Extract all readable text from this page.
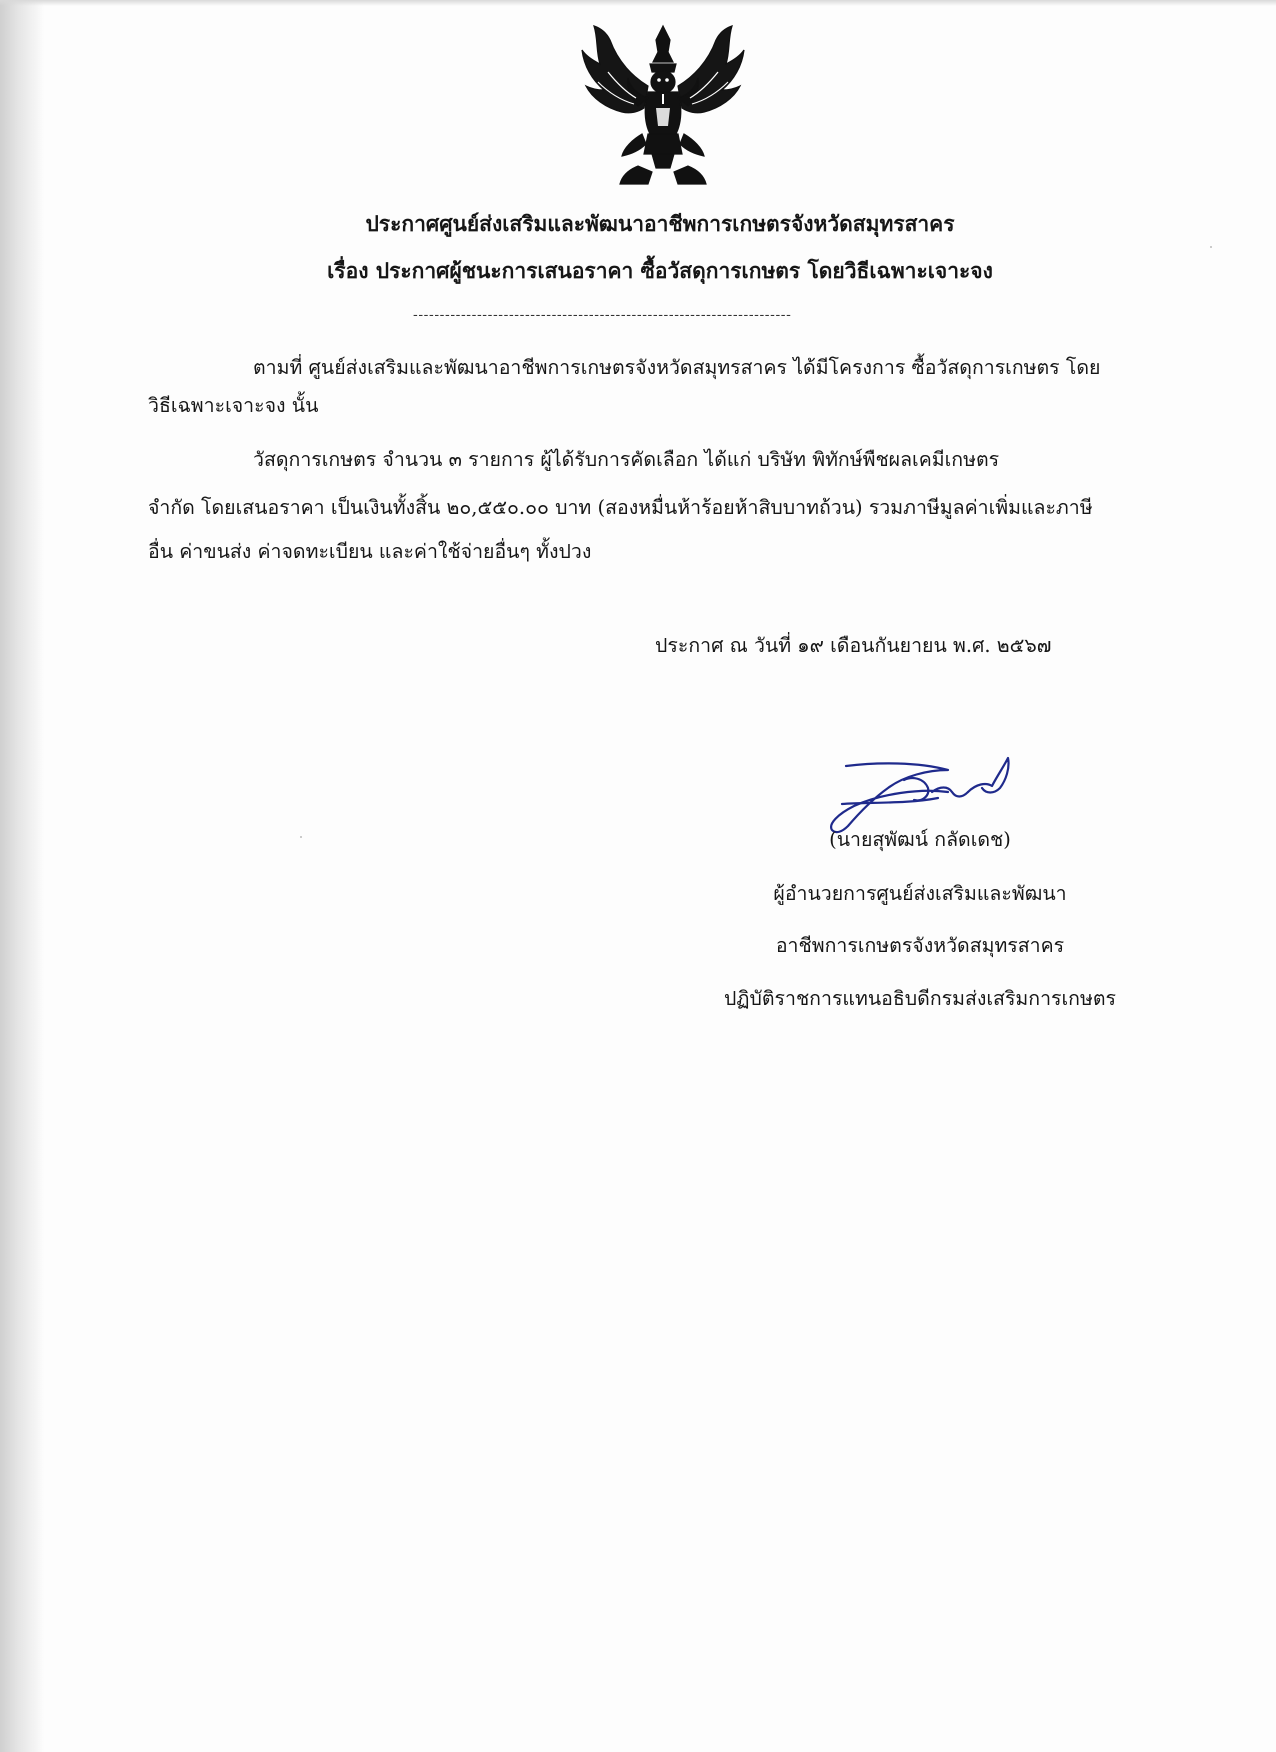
ประกาศศูนย์ส่งเสริมและพัฒนาอาชีพการเกษตรจังหวัดสมุทรสาคร
เรื่อง ประกาศผู้ชนะการเสนอราคา ซื้อวัสดุการเกษตร โดยวิธีเฉพาะเจาะจง
-----------------------------------------------------------------------
ตามที่ ศูนย์ส่งเสริมและพัฒนาอาชีพการเกษตรจังหวัดสมุทรสาคร ได้มีโครงการ ซื้อวัสดุการเกษตร โดย
วิธีเฉพาะเจาะจง นั้น
วัสดุการเกษตร จำนวน ๓ รายการ ผู้ได้รับการคัดเลือก ได้แก่ บริษัท พิทักษ์พืชผลเคมีเกษตร
จำกัด โดยเสนอราคา เป็นเงินทั้งสิ้น ๒๐,๕๕๐.๐๐ บาท (สองหมื่นห้าร้อยห้าสิบบาทถ้วน) รวมภาษีมูลค่าเพิ่มและภาษี
อื่น ค่าขนส่ง ค่าจดทะเบียน และค่าใช้จ่ายอื่นๆ ทั้งปวง
ประกาศ ณ วันที่ ๑๙ เดือนกันยายน พ.ศ. ๒๕๖๗
(นายสุพัฒน์ กลัดเดช)
ผู้อำนวยการศูนย์ส่งเสริมและพัฒนา
อาชีพการเกษตรจังหวัดสมุทรสาคร
ปฏิบัติราชการแทนอธิบดีกรมส่งเสริมการเกษตร
